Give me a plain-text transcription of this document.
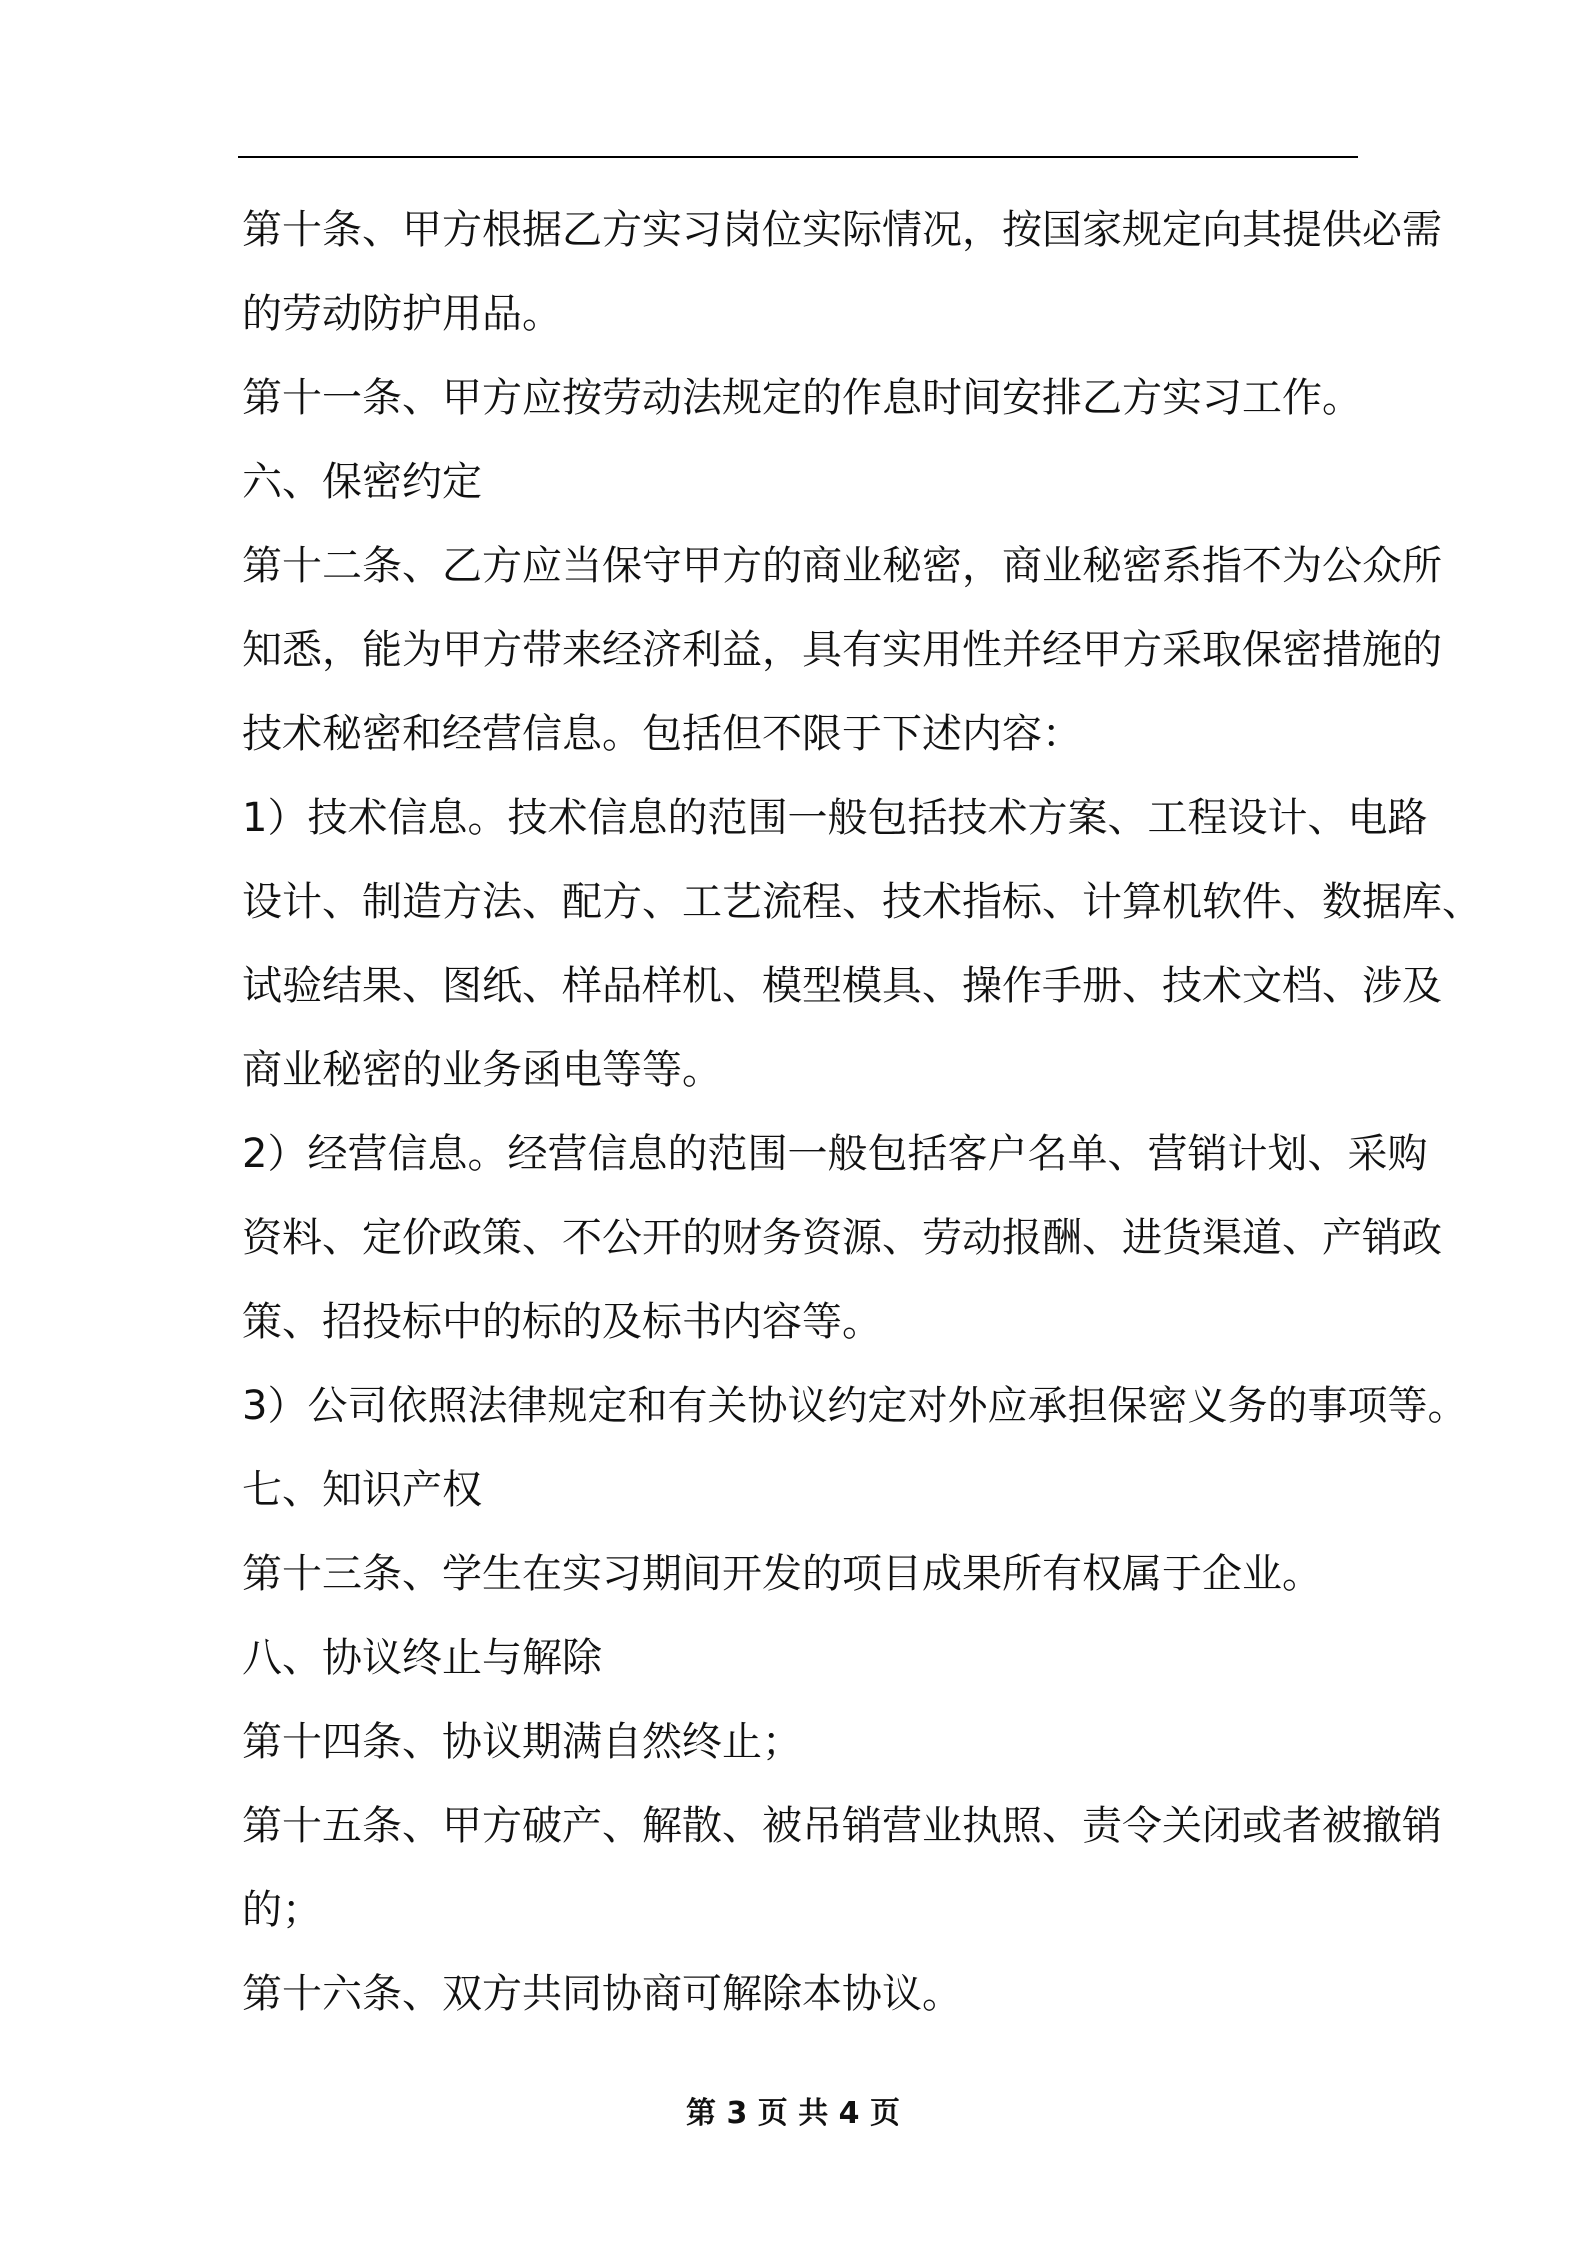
第十条、甲方根据乙方实习岗位实际情况，按国家规定向其提供必需

的劳动防护用品。

第十一条、甲方应按劳动法规定的作息时间安排乙方实习工作。

六、保密约定

第十二条、乙方应当保守甲方的商业秘密，商业秘密系指不为公众所

知悉，能为甲方带来经济利益，具有实用性并经甲方采取保密措施的

技术秘密和经营信息。包括但不限于下述内容：

1）技术信息。技术信息的范围一般包括技术方案、工程设计、电路

设计、制造方法、配方、工艺流程、技术指标、计算机软件、数据库、

试验结果、图纸、样品样机、模型模具、操作手册、技术文档、涉及

商业秘密的业务函电等等。

2）经营信息。经营信息的范围一般包括客户名单、营销计划、采购

资料、定价政策、不公开的财务资源、劳动报酬、进货渠道、产销政

策、招投标中的标的及标书内容等。

3）公司依照法律规定和有关协议约定对外应承担保密义务的事项等。

七、知识产权

第十三条、学生在实习期间开发的项目成果所有权属于企业。

八、协议终止与解除

第十四条、协议期满自然终止；

第十五条、甲方破产、解散、被吊销营业执照、责令关闭或者被撤销

的；

第十六条、双方共同协商可解除本协议。

第 3 页 共 4 页
